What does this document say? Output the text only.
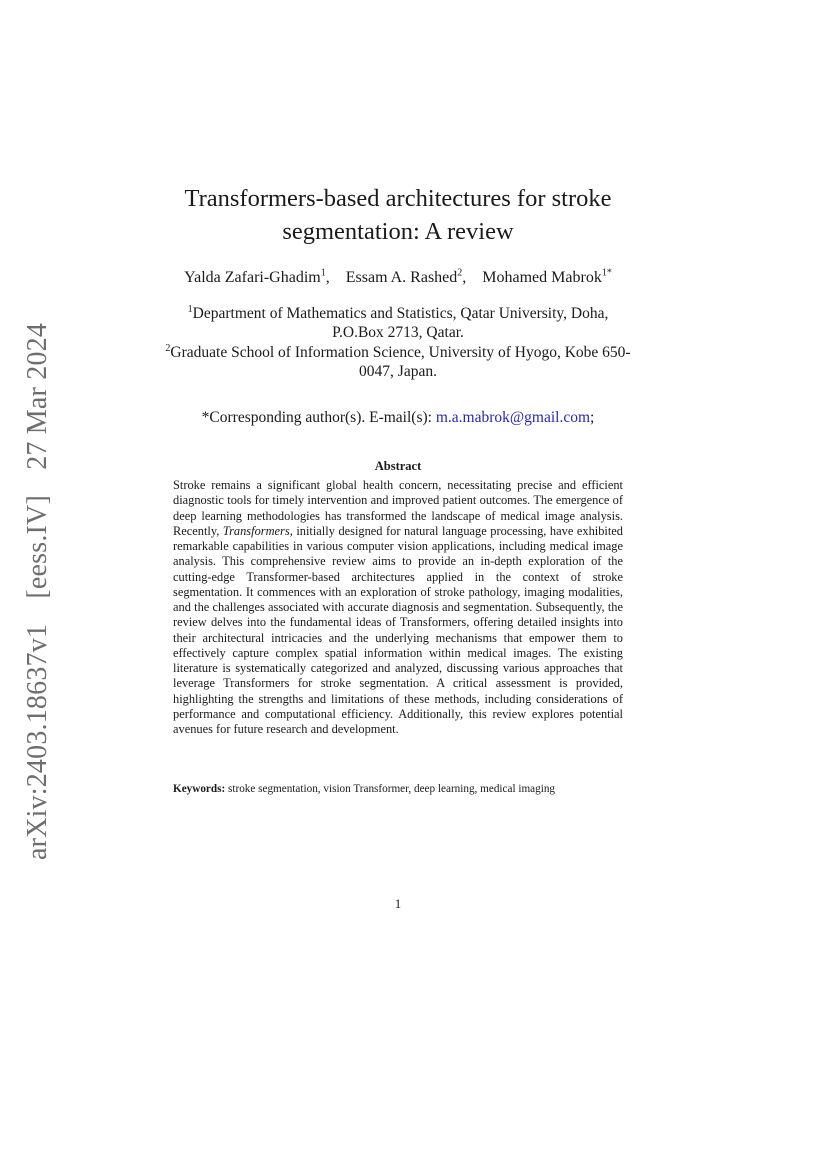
arXiv:2403.18637v1 [eess.IV] 27 Mar 2024
Transformers-based architectures for stroke segmentation: A review
Yalda Zafari-Ghadim$^1$, Essam A. Rashed$^2$, Mohamed Mabrok$^{1*}$
$^1$Department of Mathematics and Statistics, Qatar University, Doha, P.O.Box 2713, Qatar.
$^2$Graduate School of Information Science, University of Hyogo, Kobe 650-0047, Japan.
*Corresponding author(s). E-mail(s): m.a.mabrok@gmail.com;
Abstract
Stroke remains a significant global health concern, necessitating precise and efficient diagnostic tools for timely intervention and improved patient outcomes. The emergence of deep learning methodologies has transformed the landscape of medical image analysis. Recently, Transformers, initially designed for natural language processing, have exhibited remarkable capabilities in various computer vision applications, including medical image analysis. This comprehensive review aims to provide an in-depth exploration of the cutting-edge Transformer-based architectures applied in the context of stroke segmentation. It commences with an exploration of stroke pathology, imaging modalities, and the challenges associated with accurate diagnosis and segmentation. Subsequently, the review delves into the fundamental ideas of Transformers, offering detailed insights into their architectural intricacies and the underlying mechanisms that empower them to effectively capture complex spatial information within medical images. The existing literature is systematically categorized and analyzed, discussing various approaches that leverage Transformers for stroke segmentation. A critical assessment is provided, highlighting the strengths and limitations of these methods, including considerations of performance and computational efficiency. Additionally, this review explores potential avenues for future research and development.
Keywords: stroke segmentation, vision Transformer, deep learning, medical imaging
1
